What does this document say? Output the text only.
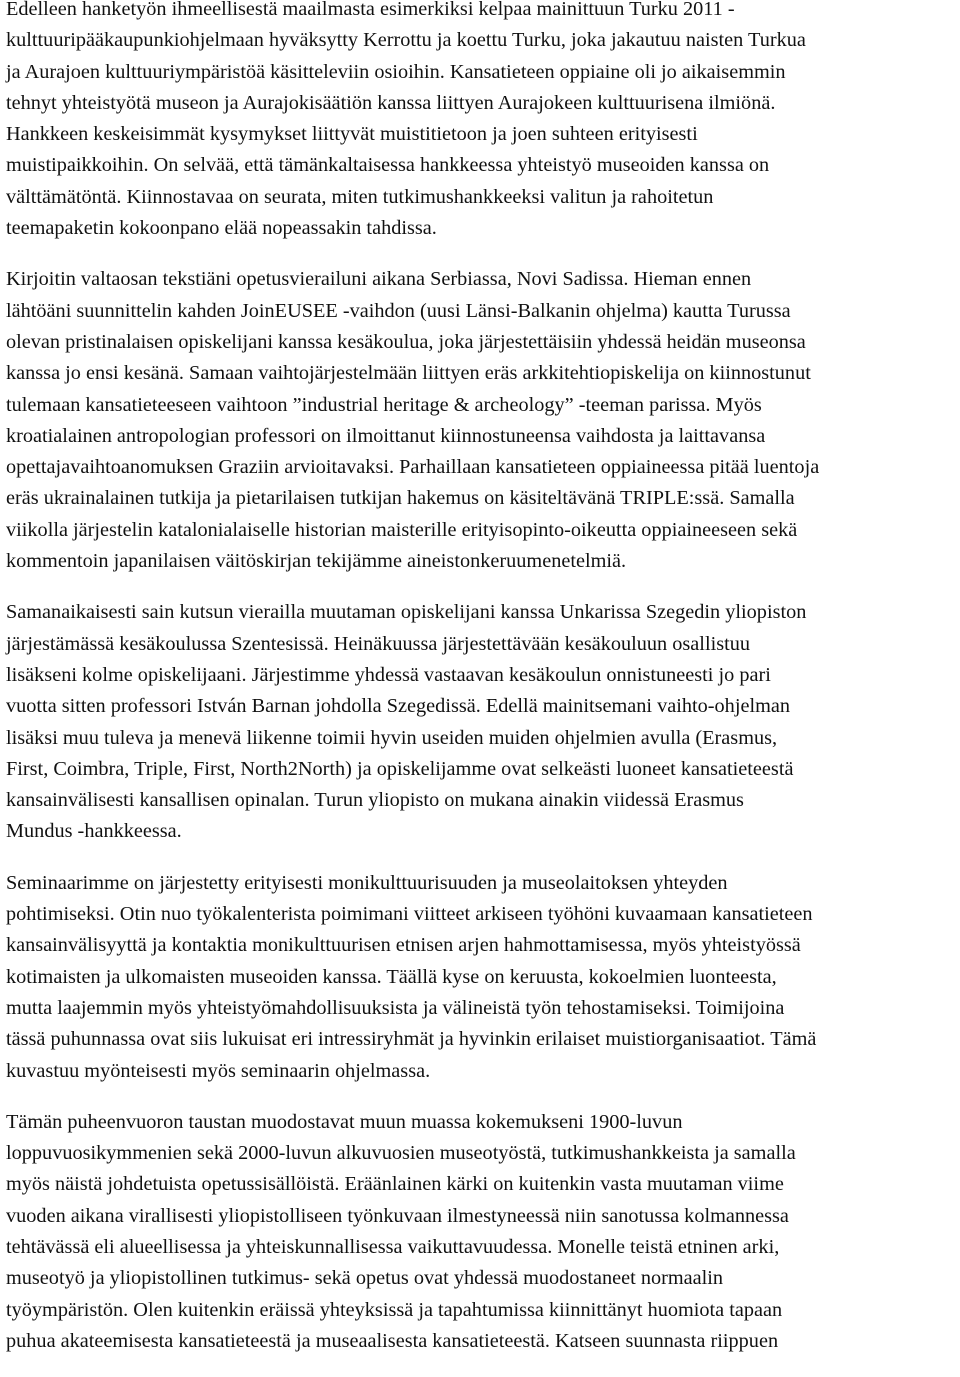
Edelleen hanketyön ihmeellisestä maailmasta esimerkiksi kelpaa mainittuun Turku 2011 -
kulttuuripääkaupunkiohjelmaan hyväksytty Kerrottu ja koettu Turku, joka jakautuu naisten Turkua
ja Aurajoen kulttuuriympäristöä käsitteleviin osioihin. Kansatieteen oppiaine oli jo aikaisemmin
tehnyt yhteistyötä museon ja Aurajokisäätiön kanssa liittyen Aurajokeen kulttuurisena ilmiönä.
Hankkeen keskeisimmät kysymykset liittyvät muistitietoon ja joen suhteen erityisesti
muistipaikkoihin. On selvää, että tämänkaltaisessa hankkeessa yhteistyö museoiden kanssa on
välttämätöntä. Kiinnostavaa on seurata, miten tutkimushankkeeksi valitun ja rahoitetun
teemapaketin kokoonpano elää nopeassakin tahdissa.
Kirjoitin valtaosan tekstiäni opetusvierailuni aikana Serbiassa, Novi Sadissa. Hieman ennen
lähtöäni suunnittelin kahden JoinEUSEE -vaihdon (uusi Länsi-Balkanin ohjelma) kautta Turussa
olevan pristinalaisen opiskelijani kanssa kesäkoulua, joka järjestettäisiin yhdessä heidän museonsa
kanssa jo ensi kesänä. Samaan vaihtojärjestelmään liittyen eräs arkkitehtiopiskelija on kiinnostunut
tulemaan kansatieteeseen vaihtoon ”industrial heritage & archeology” -teeman parissa. Myös
kroatialainen antropologian professori on ilmoittanut kiinnostuneensa vaihdosta ja laittavansa
opettajavaihtoanomuksen Graziin arvioitavaksi. Parhaillaan kansatieteen oppiaineessa pitää luentoja
eräs ukrainalainen tutkija ja pietarilaisen tutkijan hakemus on käsiteltävänä TRIPLE:ssä. Samalla
viikolla järjestelin katalonialaiselle historian maisterille erityisopinto-oikeutta oppiaineeseen sekä
kommentoin japanilaisen väitöskirjan tekijämme aineistonkeruumenetelmiä.
Samanaikaisesti sain kutsun vierailla muutaman opiskelijani kanssa Unkarissa Szegedin yliopiston
järjestämässä kesäkoulussa Szentesissä. Heinäkuussa järjestettävään kesäkouluun osallistuu
lisäkseni kolme opiskelijaani. Järjestimme yhdessä vastaavan kesäkoulun onnistuneesti jo pari
vuotta sitten professori István Barnan johdolla Szegedissä. Edellä mainitsemani vaihto-ohjelman
lisäksi muu tuleva ja menevä liikenne toimii hyvin useiden muiden ohjelmien avulla (Erasmus,
First, Coimbra, Triple, First, North2North) ja opiskelijamme ovat selkeästi luoneet kansatieteestä
kansainvälisesti kansallisen opinalan. Turun yliopisto on mukana ainakin viidessä Erasmus
Mundus -hankkeessa.
Seminaarimme on järjestetty erityisesti monikulttuurisuuden ja museolaitoksen yhteyden
pohtimiseksi. Otin nuo työkalenterista poimimani viitteet arkiseen työhöni kuvaamaan kansatieteen
kansainvälisyyttä ja kontaktia monikulttuurisen etnisen arjen hahmottamisessa, myös yhteistyössä
kotimaisten ja ulkomaisten museoiden kanssa. Täällä kyse on keruusta, kokoelmien luonteesta,
mutta laajemmin myös yhteistyömahdollisuuksista ja välineistä työn tehostamiseksi. Toimijoina
tässä puhunnassa ovat siis lukuisat eri intressiryhmät ja hyvinkin erilaiset muistiorganisaatiot. Tämä
kuvastuu myönteisesti myös seminaarin ohjelmassa.
Tämän puheenvuoron taustan muodostavat muun muassa kokemukseni 1900-luvun
loppuvuosikymmenien sekä 2000-luvun alkuvuosien museotyöstä, tutkimushankkeista ja samalla
myös näistä johdetuista opetussisällöistä. Eräänlainen kärki on kuitenkin vasta muutaman viime
vuoden aikana virallisesti yliopistolliseen työnkuvaan ilmestyneessä niin sanotussa kolmannessa
tehtävässä eli alueellisessa ja yhteiskunnallisessa vaikuttavuudessa. Monelle teistä etninen arki,
museotyö ja yliopistollinen tutkimus- sekä opetus ovat yhdessä muodostaneet normaalin
työympäristön. Olen kuitenkin eräissä yhteyksissä ja tapahtumissa kiinnittänyt huomiota tapaan
puhua akateemisesta kansatieteestä ja museaalisesta kansatieteestä. Katseen suunnasta riippuen
